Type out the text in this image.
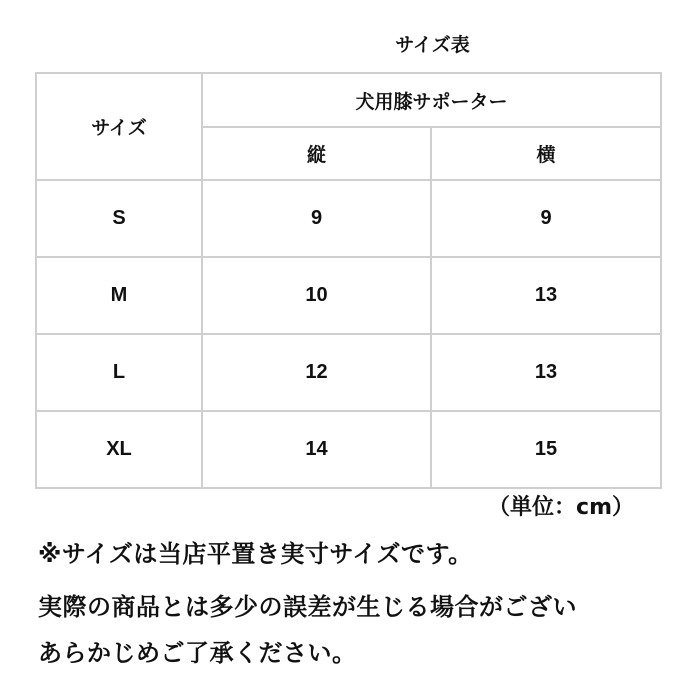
サイズ表
サイズ	犬用膝サポーター	
	縦	横
S	9	9
M	10	13
L	12	13
XL	14	15
（単位：cm）
※サイズは当店平置き実寸サイズです。
実際の商品とは多少の誤差が生じる場合がござい
あらかじめご了承ください。
